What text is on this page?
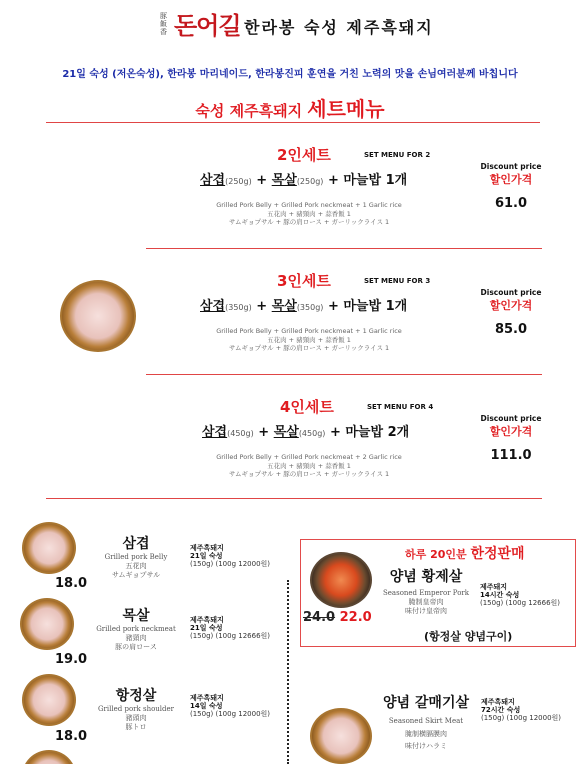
豚
飯
香 돈어길 한라봉 숙성 제주흑돼지
21일 숙성 (저온숙성), 한라봉 마리네이드, 한라봉진피 훈연을 거친 노력의 맛을 손님여러분께 바칩니다
숙성 제주흑돼지 세트메뉴
2인세트	SET MENU FOR 2
삼겹(250g) + 목살(250g) + 마늘밥 1개
Grilled Pork Belly + Grilled Pork neckmeat + 1 Garlic rice
五花肉 + 豬頸肉 + 蒜香飯 1
サムギョプサル + 豚の肩ロース + ガーリックライス 1
Discount price
할인가격
61.0
3인세트	SET MENU FOR 3
삼겹(350g) + 목살(350g) + 마늘밥 1개
Grilled Pork Belly + Grilled Pork neckmeat + 1 Garlic rice
五花肉 + 豬頸肉 + 蒜香飯 1
サムギョプサル + 豚の肩ロース + ガーリックライス 1
Discount price
할인가격
85.0
4인세트	SET MENU FOR 4
삼겹(450g) + 목살(450g) + 마늘밥 2개
Grilled Pork Belly + Grilled Pork neckmeat + 2 Garlic rice
五花肉 + 豬頸肉 + 蒜香飯 1
サムギョプサル + 豚の肩ロース + ガーリックライス 1
Discount price
할인가격
111.0
18.0
삼겹
Grilled pork Belly
五花肉
サムギョプサル
제주흑돼지
21일 숙성
(150g) (100g 12000원)
19.0
목살
Grilled pork neckmeat
豬頸肉
豚の肩ロース
제주흑돼지
21일 숙성
(150g) (100g 12666원)
18.0
항정살
Grilled pork shoulder
豬頭肉
豚トロ
제주흑돼지
14일 숙성
(150g) (100g 12000원)
하루 20인분 한정판매
24.0 22.0
양념 황제살
Seasoned Emperor Pork
腌制皇帝肉
味付け皇帝肉
제주돼지
14시간 숙성
(150g) (100g 12666원)
(항정살 양념구이)
양념 갈매기살
Seasoned Skirt Meat
腌制横膈膜肉
味付けハラミ
제주흑돼지
72시간 숙성
(150g) (100g 12000원)
